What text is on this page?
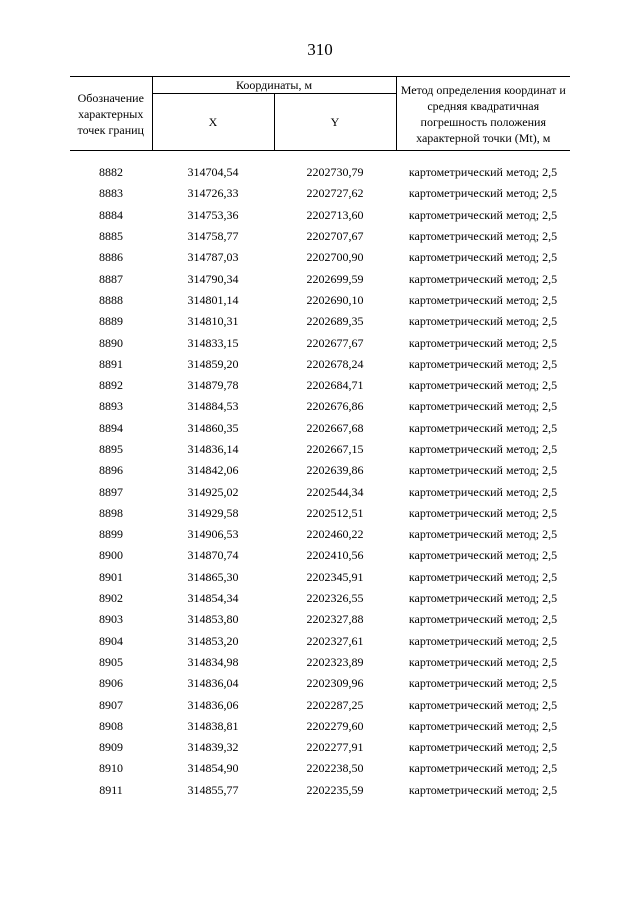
310
Обозначение характерных точек границ	Координаты, м		Метод определения координат и средняя квадратичная погрешность положения характерной точки (Mt), м
	X	Y	

8882	314704,54	2202730,79	картометрический метод; 2,5
8883	314726,33	2202727,62	картометрический метод; 2,5
8884	314753,36	2202713,60	картометрический метод; 2,5
8885	314758,77	2202707,67	картометрический метод; 2,5
8886	314787,03	2202700,90	картометрический метод; 2,5
8887	314790,34	2202699,59	картометрический метод; 2,5
8888	314801,14	2202690,10	картометрический метод; 2,5
8889	314810,31	2202689,35	картометрический метод; 2,5
8890	314833,15	2202677,67	картометрический метод; 2,5
8891	314859,20	2202678,24	картометрический метод; 2,5
8892	314879,78	2202684,71	картометрический метод; 2,5
8893	314884,53	2202676,86	картометрический метод; 2,5
8894	314860,35	2202667,68	картометрический метод; 2,5
8895	314836,14	2202667,15	картометрический метод; 2,5
8896	314842,06	2202639,86	картометрический метод; 2,5
8897	314925,02	2202544,34	картометрический метод; 2,5
8898	314929,58	2202512,51	картометрический метод; 2,5
8899	314906,53	2202460,22	картометрический метод; 2,5
8900	314870,74	2202410,56	картометрический метод; 2,5
8901	314865,30	2202345,91	картометрический метод; 2,5
8902	314854,34	2202326,55	картометрический метод; 2,5
8903	314853,80	2202327,88	картометрический метод; 2,5
8904	314853,20	2202327,61	картометрический метод; 2,5
8905	314834,98	2202323,89	картометрический метод; 2,5
8906	314836,04	2202309,96	картометрический метод; 2,5
8907	314836,06	2202287,25	картометрический метод; 2,5
8908	314838,81	2202279,60	картометрический метод; 2,5
8909	314839,32	2202277,91	картометрический метод; 2,5
8910	314854,90	2202238,50	картометрический метод; 2,5
8911	314855,77	2202235,59	картометрический метод; 2,5
